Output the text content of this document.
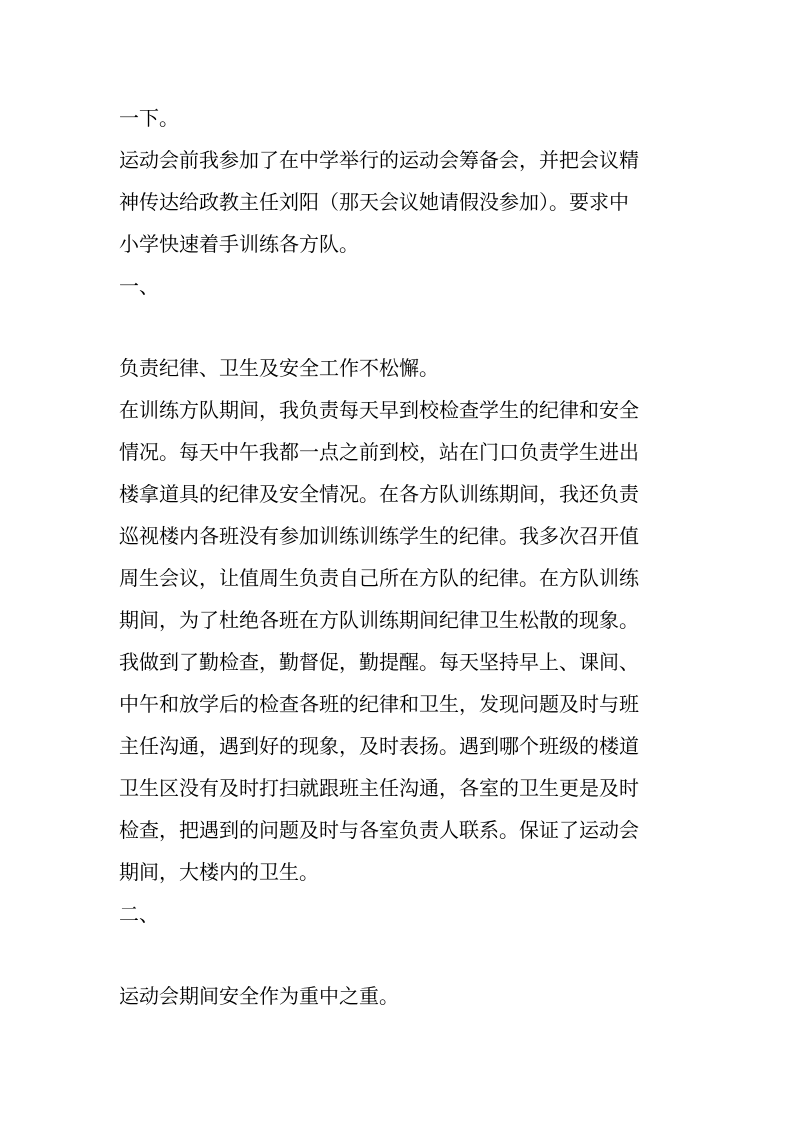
一下。

运动会前我参加了在中学举行的运动会筹备会，并把会议精

神传达给政教主任刘阳（那天会议她请假没参加）。要求中

小学快速着手训练各方队。

一、

负责纪律、卫生及安全工作不松懈。

在训练方队期间，我负责每天早到校检查学生的纪律和安全

情况。每天中午我都一点之前到校，站在门口负责学生进出

楼拿道具的纪律及安全情况。在各方队训练期间，我还负责

巡视楼内各班没有参加训练训练学生的纪律。我多次召开值

周生会议，让值周生负责自己所在方队的纪律。在方队训练

期间，为了杜绝各班在方队训练期间纪律卫生松散的现象。

我做到了勤检查，勤督促，勤提醒。每天坚持早上、课间、

中午和放学后的检查各班的纪律和卫生，发现问题及时与班

主任沟通，遇到好的现象，及时表扬。遇到哪个班级的楼道

卫生区没有及时打扫就跟班主任沟通，各室的卫生更是及时

检查，把遇到的问题及时与各室负责人联系。保证了运动会

期间，大楼内的卫生。

二、

运动会期间安全作为重中之重。
